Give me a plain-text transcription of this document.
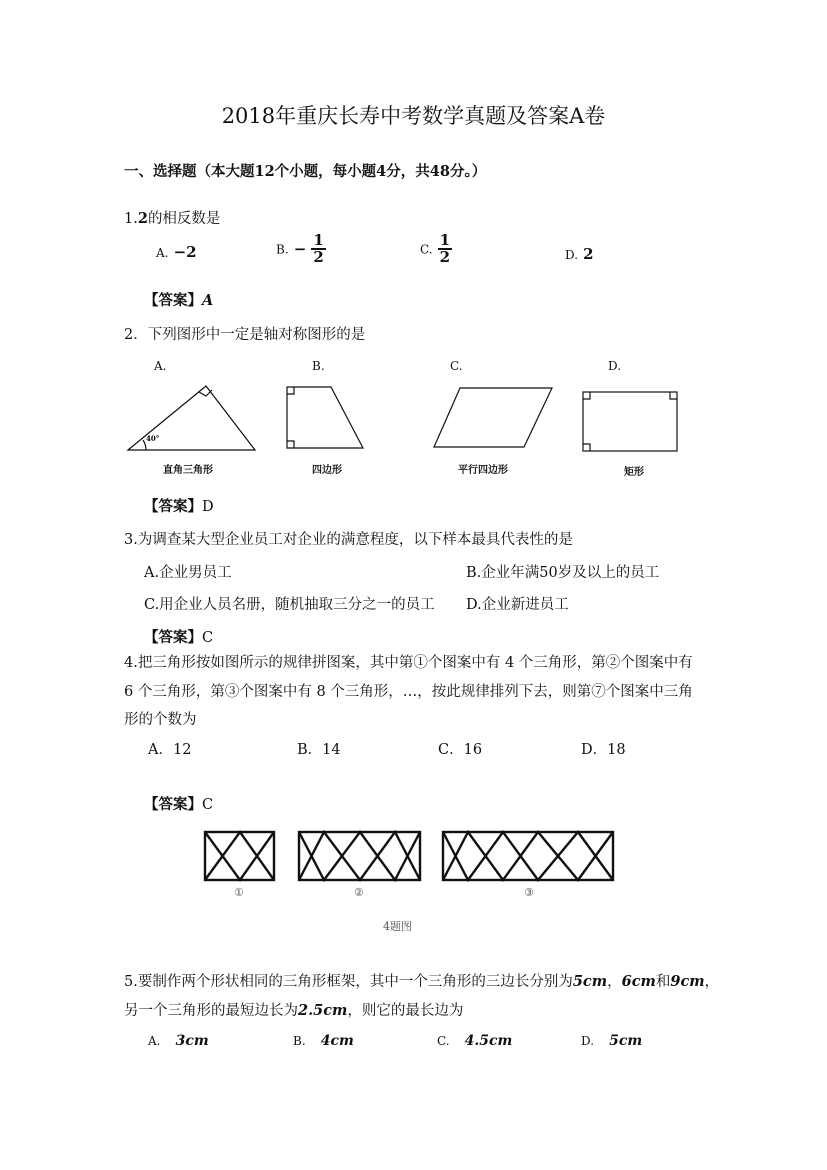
2018年重庆长寿中考数学真题及答案A卷
一、选择题（本大题12个小题，每小题4分，共48分。）
1.2的相反数是
A. −2	B. − $\frac{1}{2}$	C. $\frac{1}{2}$	D. 2
【答案】A
2．下列图形中一定是轴对称图形的是
A.	B.	C.	D.
40°
直角三角形	四边形	平行四边形	矩形
【答案】D
3.为调查某大型企业员工对企业的满意程度，以下样本最具代表性的是
A.企业男员工	B.企业年满50岁及以上的员工
C.用企业人员名册，随机抽取三分之一的员工 D.企业新进员工
【答案】C
4.把三角形按如图所示的规律拼图案，其中第①个图案中有 4 个三角形，第②个图案中有
6 个三角形，第③个图案中有 8 个三角形，…，按此规律排列下去，则第⑦个图案中三角
形的个数为
A．12	B．14	C．16	D．18
【答案】C
①	②	③
4题图
5.要制作两个形状相同的三角形框架，其中一个三角形的三边长分别为5cm，6cm和9cm，
另一个三角形的最短边长为2.5cm，则它的最长边为
A. 3cm	B. 4cm	C. 4.5cm	D. 5cm
